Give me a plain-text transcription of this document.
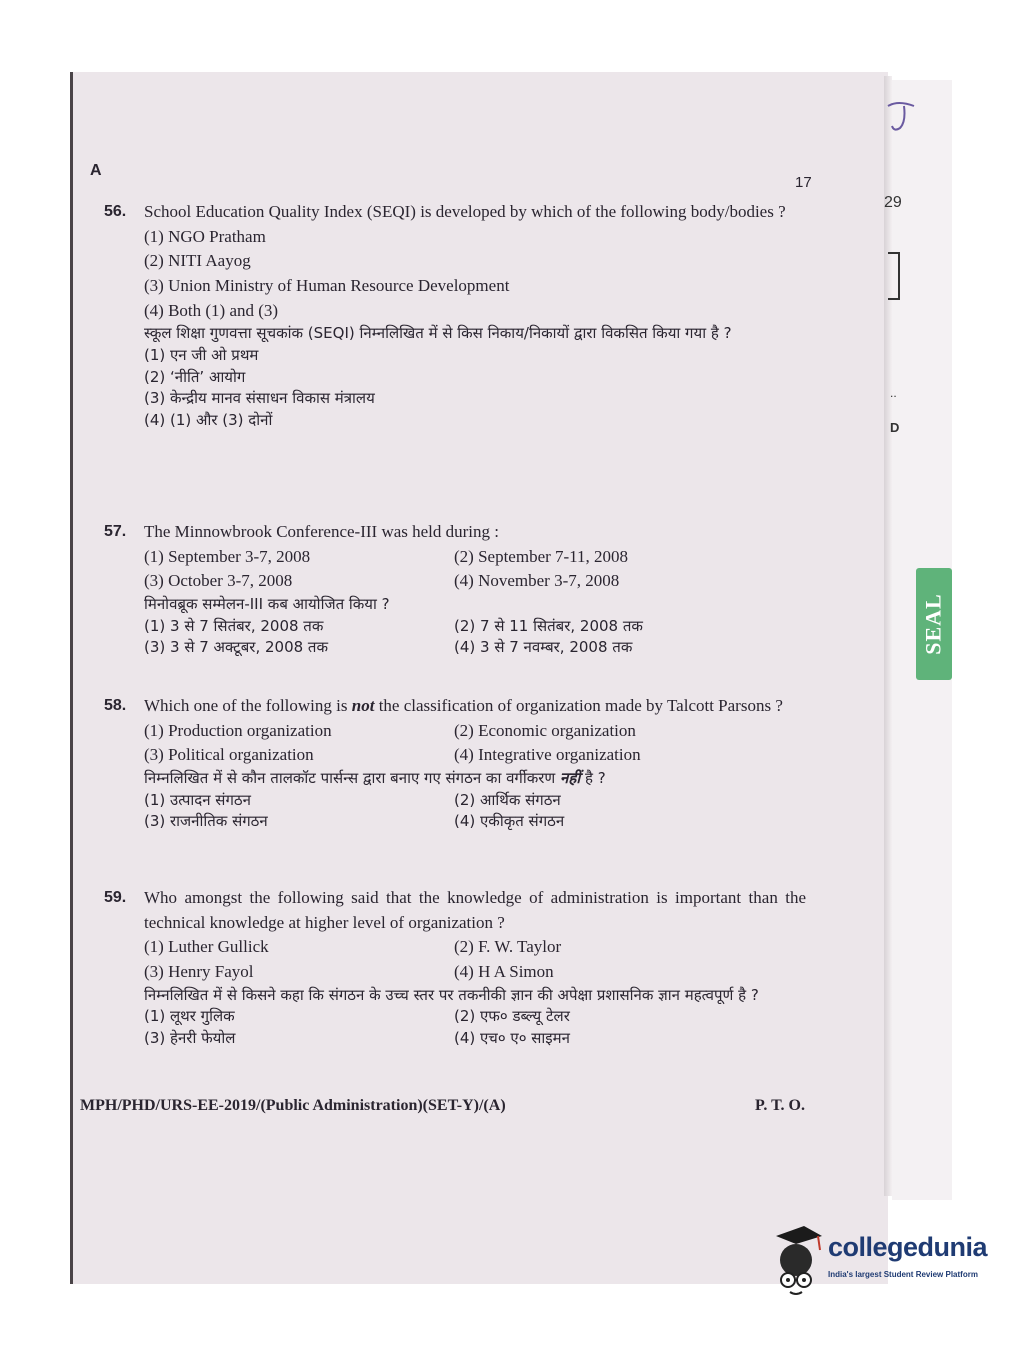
29
..
D
SEAL
A
17
56. School Education Quality Index (SEQI) is developed by which of the following body/bodies ?
(1) NGO Pratham
(2) NITI Aayog
(3) Union Ministry of Human Resource Development
(4) Both (1) and (3)
स्कूल शिक्षा गुणवत्ता सूचकांक (SEQI) निम्नलिखित में से किस निकाय/निकायों द्वारा विकसित किया गया है ?
(1) एन जी ओ प्रथम
(2) ‘नीति’ आयोग
(3) केन्द्रीय मानव संसाधन विकास मंत्रालय
(4) (1) और (3) दोनों
57. The Minnowbrook Conference-III was held during :
(1) September 3-7, 2008	(2) September 7-11, 2008
(3) October 3-7, 2008	(4) November 3-7, 2008
मिनोवब्रूक सम्मेलन-III कब आयोजित किया ?
(1) 3 से 7 सितंबर, 2008 तक	(2) 7 से 11 सितंबर, 2008 तक
(3) 3 से 7 अक्टूबर, 2008 तक	(4) 3 से 7 नवम्बर, 2008 तक
58. Which one of the following is not the classification of organization made by Talcott Parsons ?
(1) Production organization	(2) Economic organization
(3) Political organization	(4) Integrative organization
निम्नलिखित में से कौन तालकॉट पार्सन्स द्वारा बनाए गए संगठन का वर्गीकरण नहीं है ?
(1) उत्पादन संगठन	(2) आर्थिक संगठन
(3) राजनीतिक संगठन	(4) एकीकृत संगठन
59. Who amongst the following said that the knowledge of administration is important than the technical knowledge at higher level of organization ?
(1) Luther Gullick	(2) F. W. Taylor
(3) Henry Fayol	(4) H A Simon
निम्नलिखित में से किसने कहा कि संगठन के उच्च स्तर पर तकनीकी ज्ञान की अपेक्षा प्रशासनिक ज्ञान महत्वपूर्ण है ?
(1) लूथर गुलिक	(2) एफ० डब्ल्यू टेलर
(3) हेनरी फेयोल	(4) एच० ए० साइमन
MPH/PHD/URS-EE-2019/(Public Administration)(SET-Y)/(A)	P. T. O.
collegedunia
India's largest Student Review Platform
